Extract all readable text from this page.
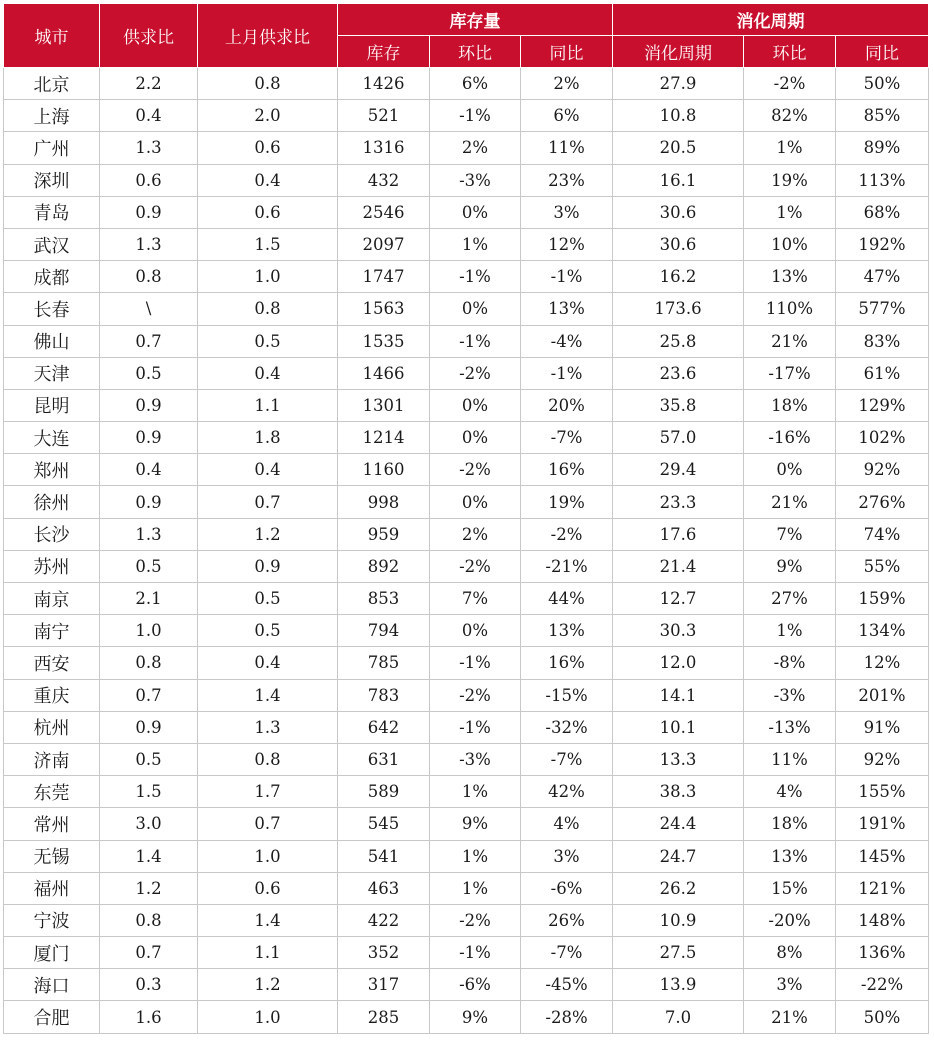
城市	供求比	上月供求比	库存量			消化周期		
			库存	环比	同比	消化周期	环比	同比
北京	2.2	0.8	1426	6%	2%	27.9	-2%	50%
上海	0.4	2.0	521	-1%	6%	10.8	82%	85%
广州	1.3	0.6	1316	2%	11%	20.5	1%	89%
深圳	0.6	0.4	432	-3%	23%	16.1	19%	113%
青岛	0.9	0.6	2546	0%	3%	30.6	1%	68%
武汉	1.3	1.5	2097	1%	12%	30.6	10%	192%
成都	0.8	1.0	1747	-1%	-1%	16.2	13%	47%
长春	\	0.8	1563	0%	13%	173.6	110%	577%
佛山	0.7	0.5	1535	-1%	-4%	25.8	21%	83%
天津	0.5	0.4	1466	-2%	-1%	23.6	-17%	61%
昆明	0.9	1.1	1301	0%	20%	35.8	18%	129%
大连	0.9	1.8	1214	0%	-7%	57.0	-16%	102%
郑州	0.4	0.4	1160	-2%	16%	29.4	0%	92%
徐州	0.9	0.7	998	0%	19%	23.3	21%	276%
长沙	1.3	1.2	959	2%	-2%	17.6	7%	74%
苏州	0.5	0.9	892	-2%	-21%	21.4	9%	55%
南京	2.1	0.5	853	7%	44%	12.7	27%	159%
南宁	1.0	0.5	794	0%	13%	30.3	1%	134%
西安	0.8	0.4	785	-1%	16%	12.0	-8%	12%
重庆	0.7	1.4	783	-2%	-15%	14.1	-3%	201%
杭州	0.9	1.3	642	-1%	-32%	10.1	-13%	91%
济南	0.5	0.8	631	-3%	-7%	13.3	11%	92%
东莞	1.5	1.7	589	1%	42%	38.3	4%	155%
常州	3.0	0.7	545	9%	4%	24.4	18%	191%
无锡	1.4	1.0	541	1%	3%	24.7	13%	145%
福州	1.2	0.6	463	1%	-6%	26.2	15%	121%
宁波	0.8	1.4	422	-2%	26%	10.9	-20%	148%
厦门	0.7	1.1	352	-1%	-7%	27.5	8%	136%
海口	0.3	1.2	317	-6%	-45%	13.9	3%	-22%
合肥	1.6	1.0	285	9%	-28%	7.0	21%	50%
